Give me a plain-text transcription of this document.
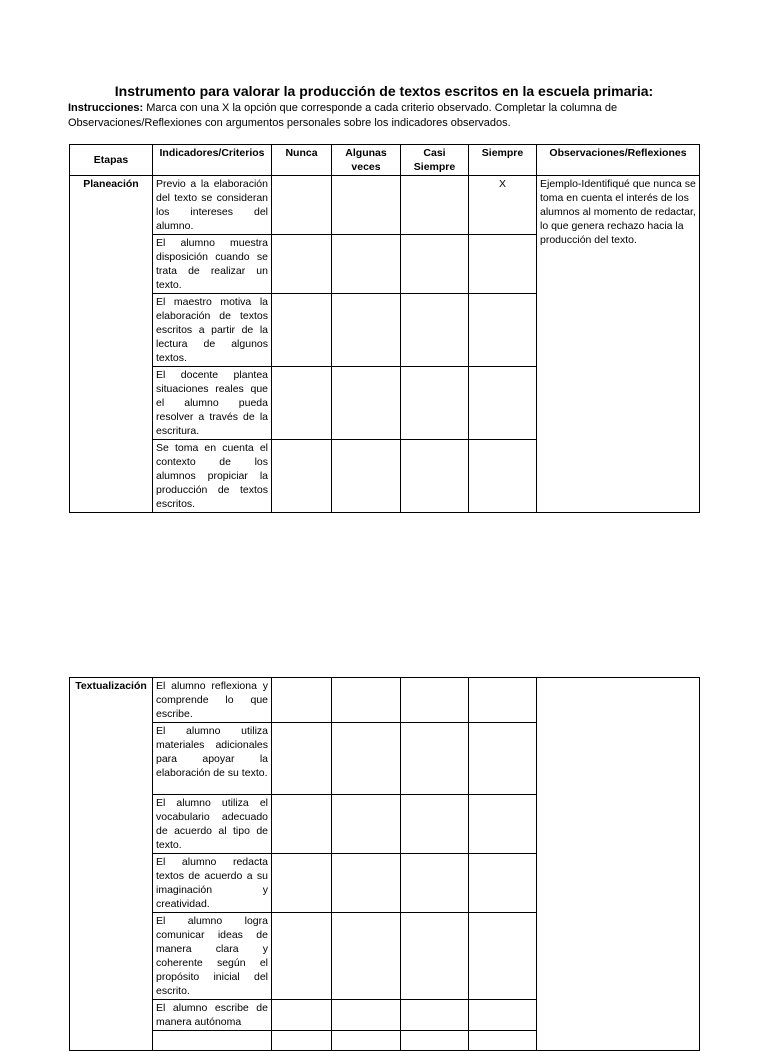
Instrumento para valorar la producción de textos escritos en la escuela primaria:
Instrucciones: Marca con una X la opción que corresponde a cada criterio observado. Completar la columna de Observaciones/Reflexiones con argumentos personales sobre los indicadores observados.
Etapas	Indicadores/Criterios	Nunca	Algunas veces	Casi Siempre	Siempre	Observaciones/Reflexiones
Planeación	Previo a la elaboración del texto se consideran los intereses del alumno.				X	Ejemplo-Identifiqué que nunca se toma en cuenta el interés de los alumnos al momento de redactar, lo que genera rechazo hacia la producción del texto.
	El alumno muestra disposición cuando se trata de realizar un texto.					
	El maestro motiva la elaboración de textos escritos a partir de la lectura de algunos textos.					
	El docente plantea situaciones reales que el alumno pueda resolver a través de la escritura.					
	Se toma en cuenta el contexto de los alumnos propiciar la producción de textos escritos.					
Textualización	El alumno reflexiona y comprende lo que escribe.					
	El alumno utiliza materiales adicionales para apoyar la elaboración de su texto.					
	El alumno utiliza el vocabulario adecuado de acuerdo al tipo de texto.					
	El alumno redacta textos de acuerdo a su imaginación y creatividad.					
	El alumno logra comunicar ideas de manera clara y coherente según el propósito inicial del escrito.					
	El alumno escribe de manera autónoma					
